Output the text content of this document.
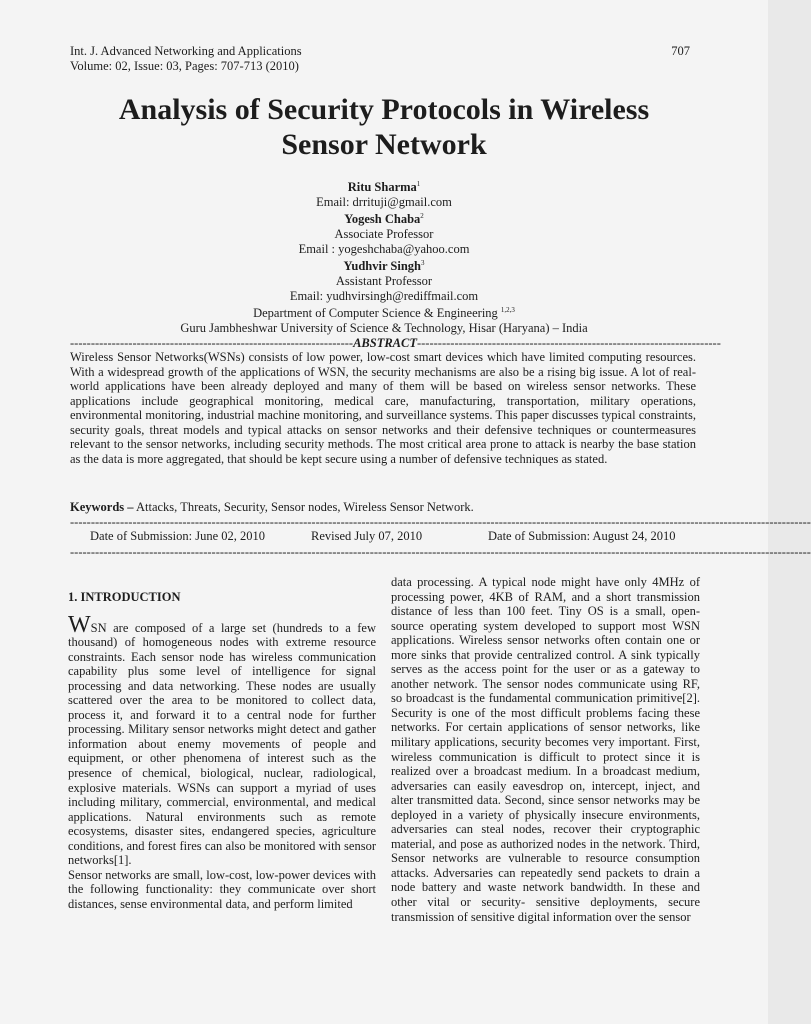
Int. J. Advanced Networking and Applications
Volume: 02, Issue: 03, Pages: 707-713 (2010)
707
Analysis of Security Protocols in Wireless
Sensor Network
Ritu Sharma$^1$
Email: drrituji@gmail.com
Yogesh Chaba$^2$
Associate Professor
Email : yogeshchaba@yahoo.com
Yudhvir Singh$^3$
Assistant Professor
Email: yudhvirsingh@rediffmail.com
Department of Computer Science & Engineering $^{1,2,3}$
Guru Jambheshwar University of Science & Technology, Hisar (Haryana) – India
--------------------------------------------------------------------ABSTRACT-------------------------------------------------------------------------
Wireless Sensor Networks(WSNs) consists of low power, low-cost smart devices which have limited computing resources. With a widespread growth of the applications of WSN, the security mechanisms are also be a rising big issue. A lot of real-world applications have been already deployed and many of them will be based on wireless sensor networks. These applications include geographical monitoring, medical care, manufacturing, transportation, military operations, environmental monitoring, industrial machine monitoring, and surveillance systems. This paper discusses typical constraints, security goals, threat models and typical attacks on sensor networks and their defensive techniques or countermeasures relevant to the sensor networks, including security methods. The most critical area prone to attack is nearby the base station as the data is more aggregated, that should be kept secure using a number of defensive techniques as stated.
Keywords – Attacks, Threats, Security, Sensor nodes, Wireless Sensor Network.
----------------------------------------------------------------------------------------------------------------------------------------------------------------------------------
Date of Submission: June 02, 2010	Revised July 07, 2010	Date of Submission: August 24, 2010
----------------------------------------------------------------------------------------------------------------------------------------------------------------------------------
1. INTRODUCTION

WSN are composed of a large set (hundreds to a few thousand) of homogeneous nodes with extreme resource constraints. Each sensor node has wireless communication capability plus some level of intelligence for signal processing and data networking. These nodes are usually scattered over the area to be monitored to collect data, process it, and forward it to a central node for further processing. Military sensor networks might detect and gather information about enemy movements of people and equipment, or other phenomena of interest such as the presence of chemical, biological, nuclear, radiological, explosive materials. WSNs can support a myriad of uses including military, commercial, environmental, and medical applications. Natural environments such as remote ecosystems, disaster sites, endangered species, agriculture conditions, and forest fires can also be monitored with sensor networks[1].

Sensor networks are small, low-cost, low-power devices with the following functionality: they communicate over short distances, sense environmental data, and perform limited

data processing. A typical node might have only 4MHz of processing power, 4KB of RAM, and a short transmission distance of less than 100 feet. Tiny OS is a small, open-source operating system developed to support most WSN applications. Wireless sensor networks often contain one or more sinks that provide centralized control. A sink typically serves as the access point for the user or as a gateway to another network. The sensor nodes communicate using RF, so broadcast is the fundamental communication primitive[2]. Security is one of the most difficult problems facing these networks. For certain applications of sensor networks, like military applications, security becomes very important. First, wireless communication is difficult to protect since it is realized over a broadcast medium. In a broadcast medium, adversaries can easily eavesdrop on, intercept, inject, and alter transmitted data. Second, since sensor networks may be deployed in a variety of physically insecure environments, adversaries can steal nodes, recover their cryptographic material, and pose as authorized nodes in the network. Third, Sensor networks are vulnerable to resource consumption attacks. Adversaries can repeatedly send packets to drain a node battery and waste network bandwidth. In these and other vital or security- sensitive deployments, secure transmission of sensitive digital information over the sensor
